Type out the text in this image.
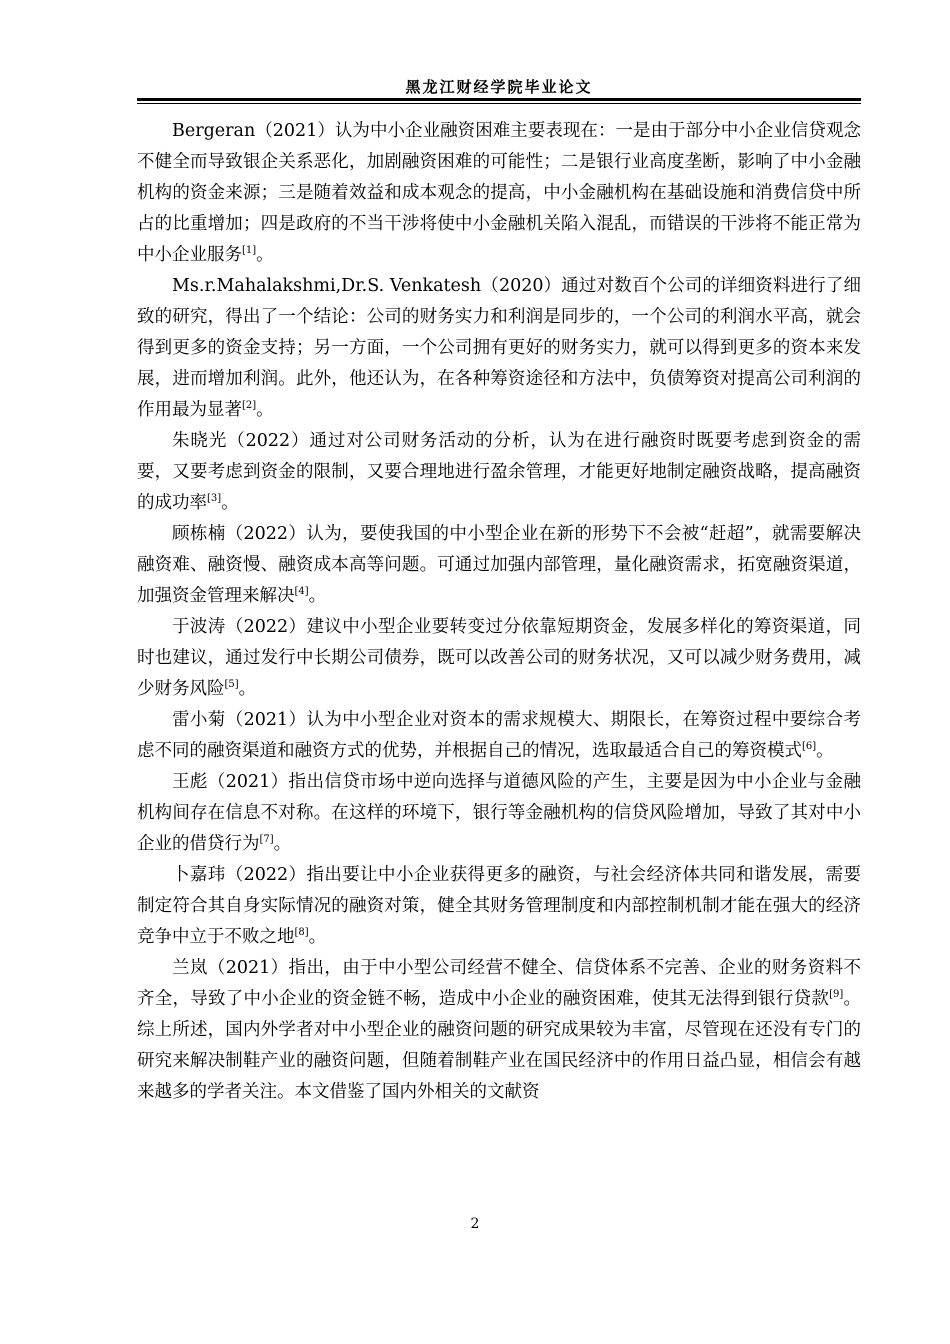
黑龙江财经学院毕业论文

Bergeran（2021）认为中小企业融资困难主要表现在：一是由于部分中小企业信贷观念不健全而导致银企关系恶化，加剧融资困难的可能性；二是银行业高度垄断，影响了中小金融机构的资金来源；三是随着效益和成本观念的提高，中小金融机构在基础设施和消费信贷中所占的比重增加；四是政府的不当干涉将使中小金融机关陷入混乱，而错误的干涉将不能正常为中小企业服务[1]。

Ms.r.Mahalakshmi,Dr.S. Venkatesh（2020）通过对数百个公司的详细资料进行了细致的研究，得出了一个结论：公司的财务实力和利润是同步的，一个公司的利润水平高，就会得到更多的资金支持；另一方面，一个公司拥有更好的财务实力，就可以得到更多的资本来发展，进而增加利润。此外，他还认为，在各种筹资途径和方法中，负债筹资对提高公司利润的作用最为显著[2]。

朱晓光（2022）通过对公司财务活动的分析，认为在进行融资时既要考虑到资金的需要，又要考虑到资金的限制，又要合理地进行盈余管理，才能更好地制定融资战略，提高融资的成功率[3]。

顾栋楠（2022）认为，要使我国的中小型企业在新的形势下不会被“赶超”，就需要解决融资难、融资慢、融资成本高等问题。可通过加强内部管理，量化融资需求，拓宽融资渠道，加强资金管理来解决[4]。

于波涛（2022）建议中小型企业要转变过分依靠短期资金，发展多样化的筹资渠道，同时也建议，通过发行中长期公司债券，既可以改善公司的财务状况，又可以减少财务费用，减少财务风险[5]。

雷小菊（2021）认为中小型企业对资本的需求规模大、期限长，在筹资过程中要综合考虑不同的融资渠道和融资方式的优势，并根据自己的情况，选取最适合自己的筹资模式[6]。

王彪（2021）指出信贷市场中逆向选择与道德风险的产生，主要是因为中小企业与金融机构间存在信息不对称。在这样的环境下，银行等金融机构的信贷风险增加，导致了其对中小企业的借贷行为[7]。

卜嘉玮（2022）指出要让中小企业获得更多的融资，与社会经济体共同和谐发展，需要制定符合其自身实际情况的融资对策，健全其财务管理制度和内部控制机制才能在强大的经济竞争中立于不败之地[8]。

兰岚（2021）指出，由于中小型公司经营不健全、信贷体系不完善、企业的财务资料不齐全，导致了中小企业的资金链不畅，造成中小企业的融资困难，使其无法得到银行贷款[9]。综上所述，国内外学者对中小型企业的融资问题的研究成果较为丰富，尽管现在还没有专门的研究来解决制鞋产业的融资问题，但随着制鞋产业在国民经济中的作用日益凸显，相信会有越来越多的学者关注。本文借鉴了国内外相关的文献资

2
